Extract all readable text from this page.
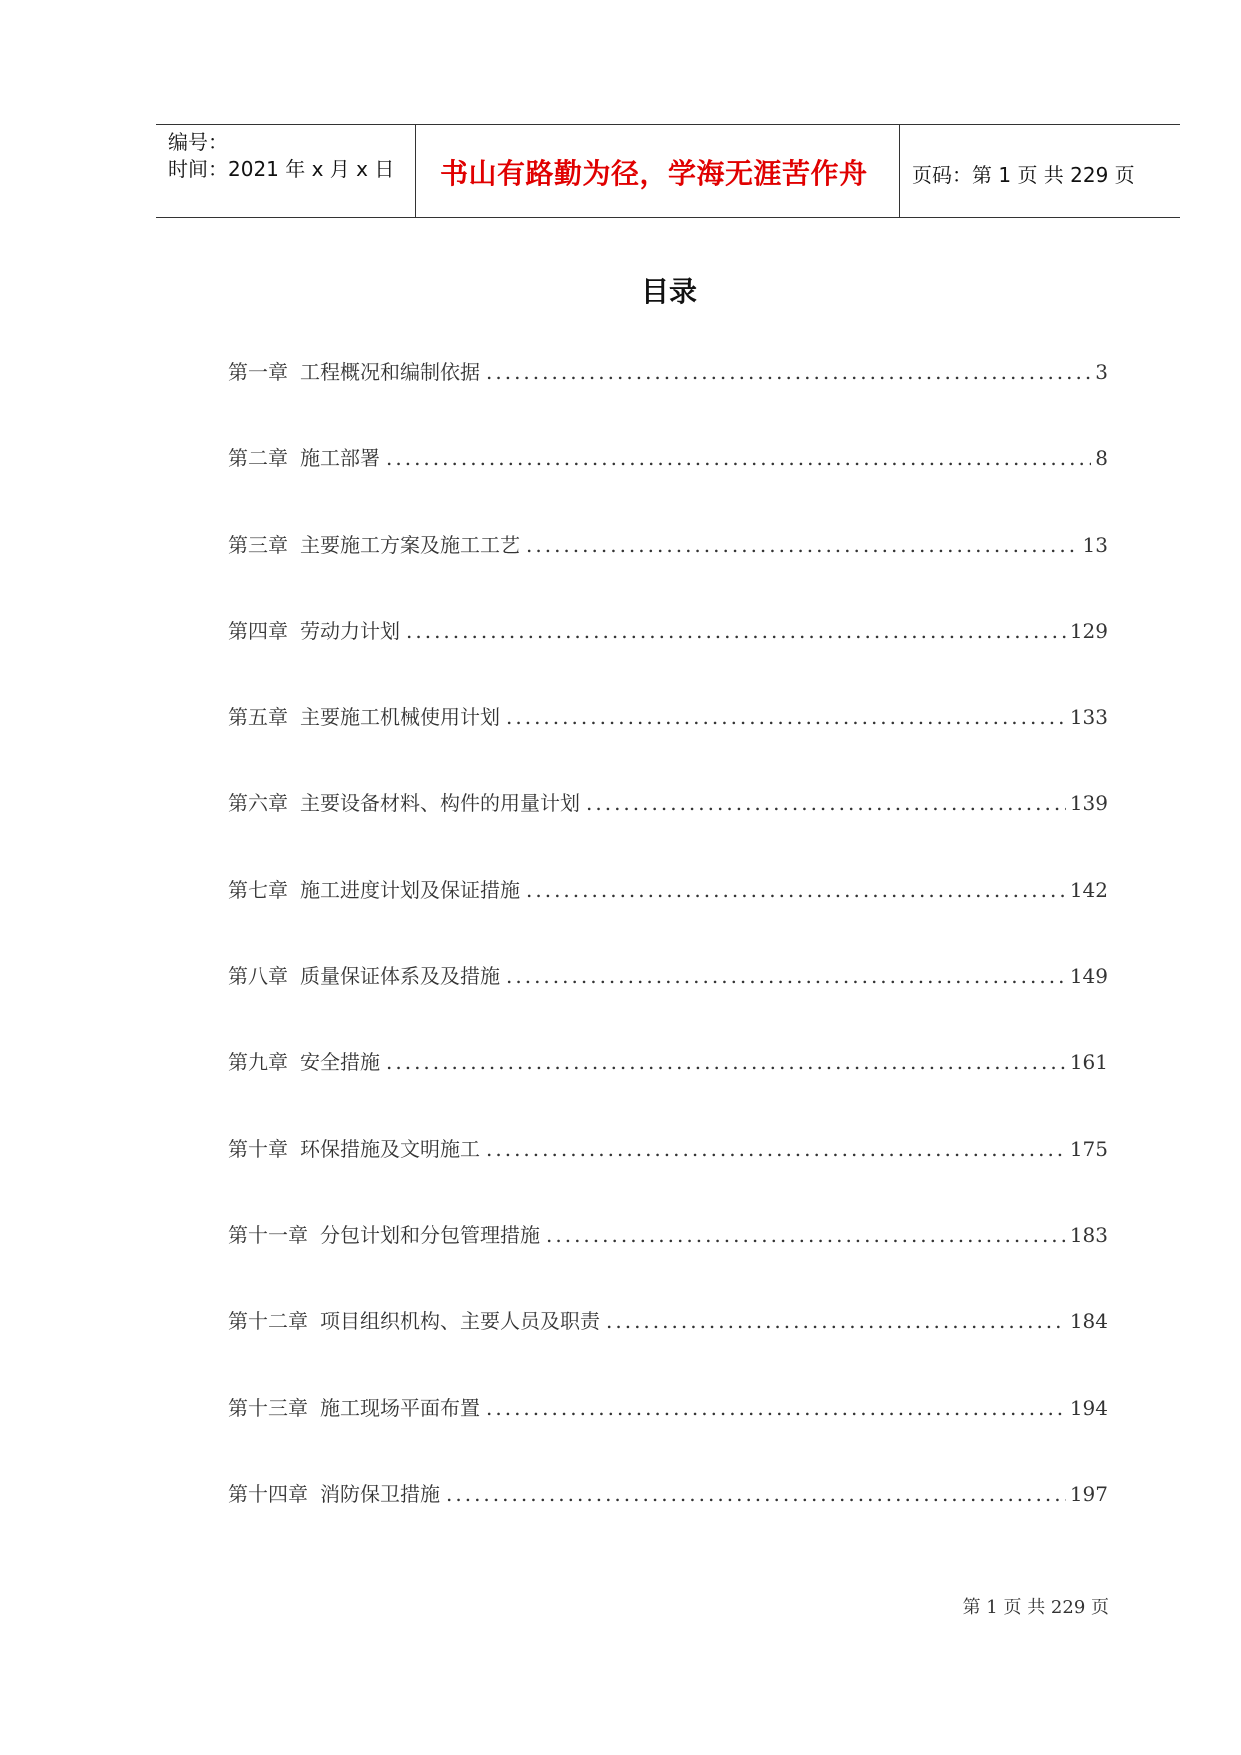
编号：
时间：2021 年 x 月 x 日 书山有路勤为径，学海无涯苦作舟 页码：第 1 页 共 229 页
目录
第一章 工程概况和编制依据 .....	3
第二章 施工部署 .....	8
第三章 主要施工方案及施工工艺 .....	13
第四章 劳动力计划 .....	129
第五章 主要施工机械使用计划 .....	133
第六章 主要设备材料、构件的用量计划 .....	139
第七章 施工进度计划及保证措施 .....	142
第八章 质量保证体系及及措施 .....	149
第九章 安全措施 .....	161
第十章 环保措施及文明施工 .....	175
第十一章 分包计划和分包管理措施 .....	183
第十二章 项目组织机构、主要人员及职责 .....	184
第十三章 施工现场平面布置 .....	194
第十四章 消防保卫措施 .....	197
第 1 页 共 229 页
